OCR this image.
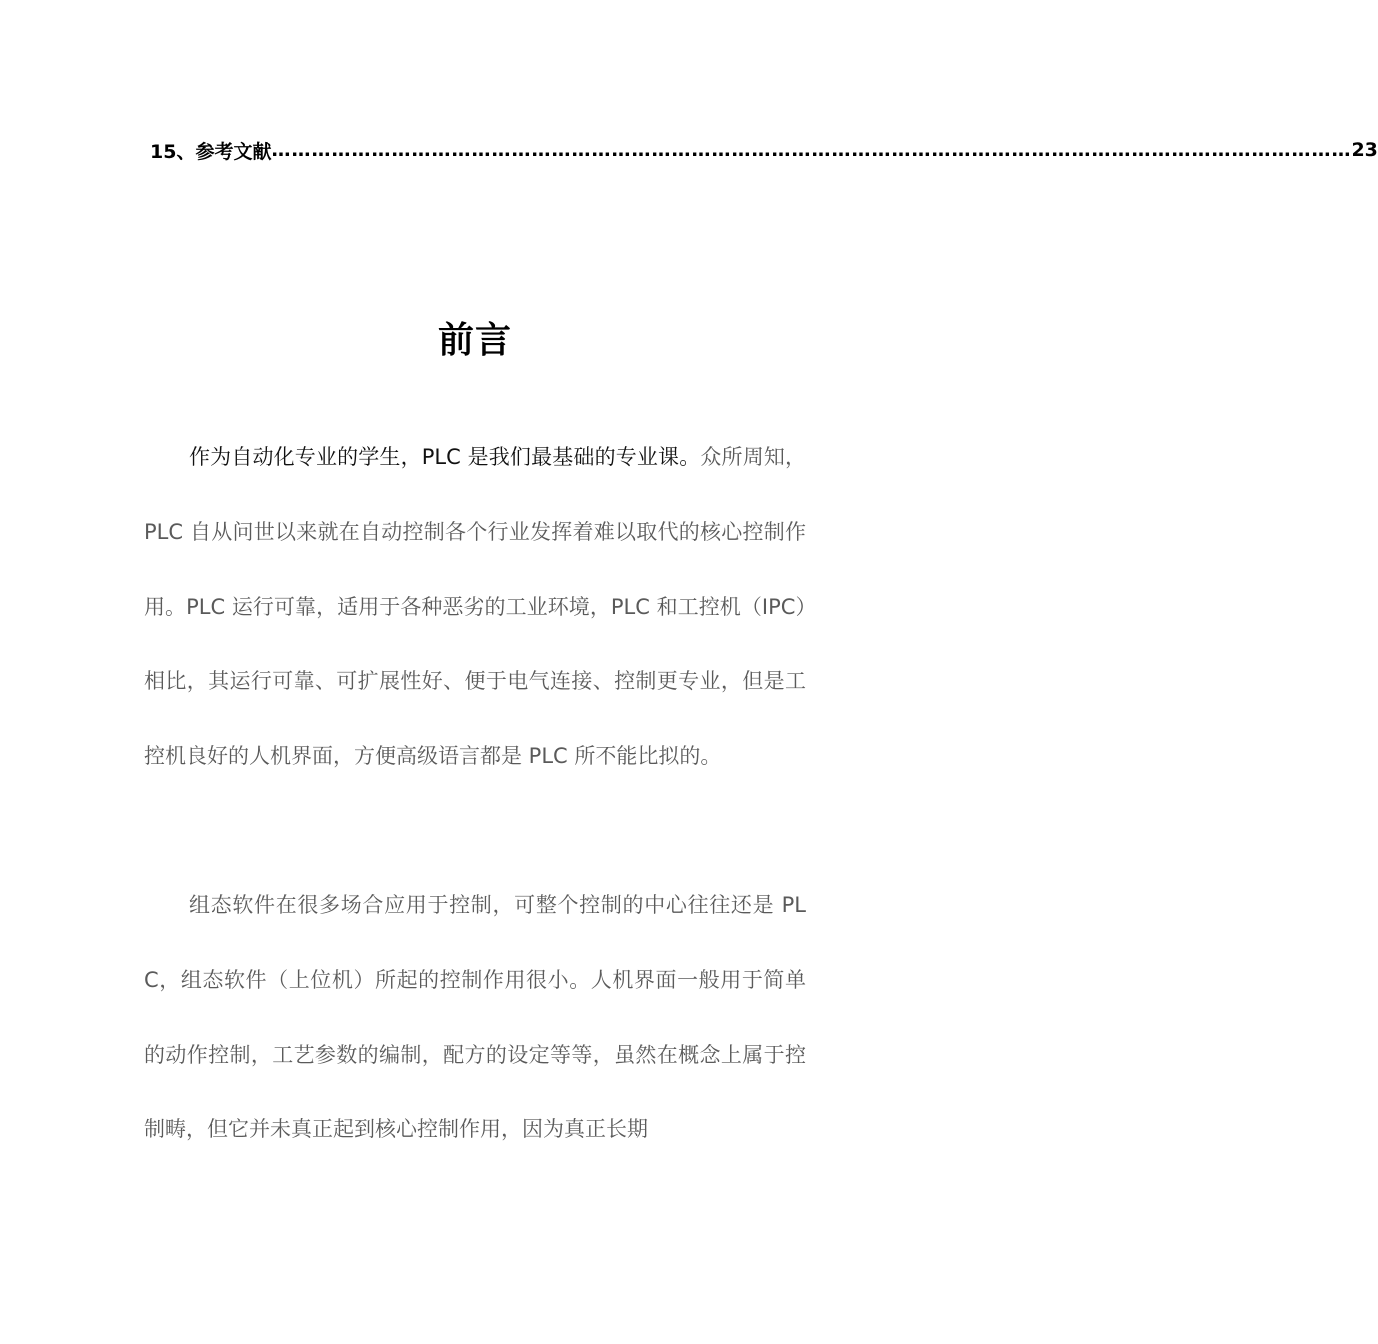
15、参考文献 ……………………………………………………………………………………………………………………………………………… 23
前言

作为自动化专业的学生，PLC 是我们最基础的专业课。众所周知，PLC 自从问世以来就在自动控制各个行业发挥着难以取代的核心控制作用。PLC 运行可靠，适用于各种恶劣的工业环境，PLC 和工控机（IPC）相比，其运行可靠、可扩展性好、便于电气连接、控制更专业，但是工控机良好的人机界面，方便高级语言都是 PLC 所不能比拟的。

组态软件在很多场合应用于控制，可整个控制的中心往往还是 PLC，组态软件（上位机）所起的控制作用很小。人机界面一般用于简单的动作控制，工艺参数的编制，配方的设定等等，虽然在概念上属于控制畴，但它并未真正起到核心控制作用，因为真正长期
